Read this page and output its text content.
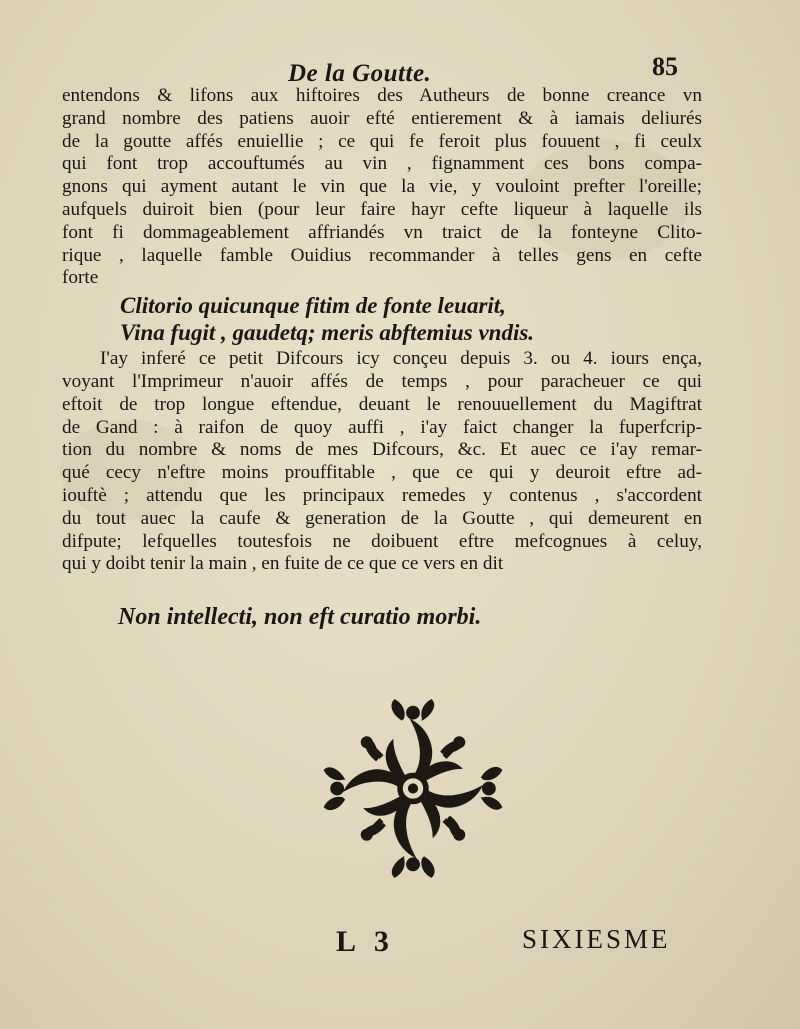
De la Goutte.	85
entendons & lifons aux hiftoires des Autheurs de bonne creance vn
grand nombre des patiens auoir efté entierement & à iamais deliurés
de la goutte affés enuiellie ; ce qui fe feroit plus fouuent , fi ceulx
qui font trop accouftumés au vin , fignamment ces bons compa-
gnons qui ayment autant le vin que la vie, y vouloint prefter l'oreille;
aufquels duiroit bien (pour leur faire hayr cefte liqueur à laquelle ils
font fi dommageablement affriandés vn traict de la fonteyne Clito-
rique , laquelle famble Ouidius recommander à telles gens en cefte
forte
Clitorio quicunque fitim de fonte leuarit,
Vina fugit , gaudetq; meris abftemius vndis.
I'ay inferé ce petit Difcours icy conçeu depuis 3. ou 4. iours ença,
voyant l'Imprimeur n'auoir affés de temps , pour paracheuer ce qui
eftoit de trop longue eftendue, deuant le renouuellement du Magiftrat
de Gand : à raifon de quoy auffi , i'ay faict changer la fuperfcrip-
tion du nombre & noms de mes Difcours, &c. Et auec ce i'ay remar-
qué cecy n'eftre moins prouffitable , que ce qui y deuroit eftre ad-
iouftè ; attendu que les principaux remedes y contenus , s'accordent
du tout auec la caufe & generation de la Goutte , qui demeurent en
difpute; lefquelles toutesfois ne doibuent eftre mefcognues à celuy,
qui y doibt tenir la main , en fuite de ce que ce vers en dit
Non intellecti, non eft curatio morbi.
L 3	SIXIESME
